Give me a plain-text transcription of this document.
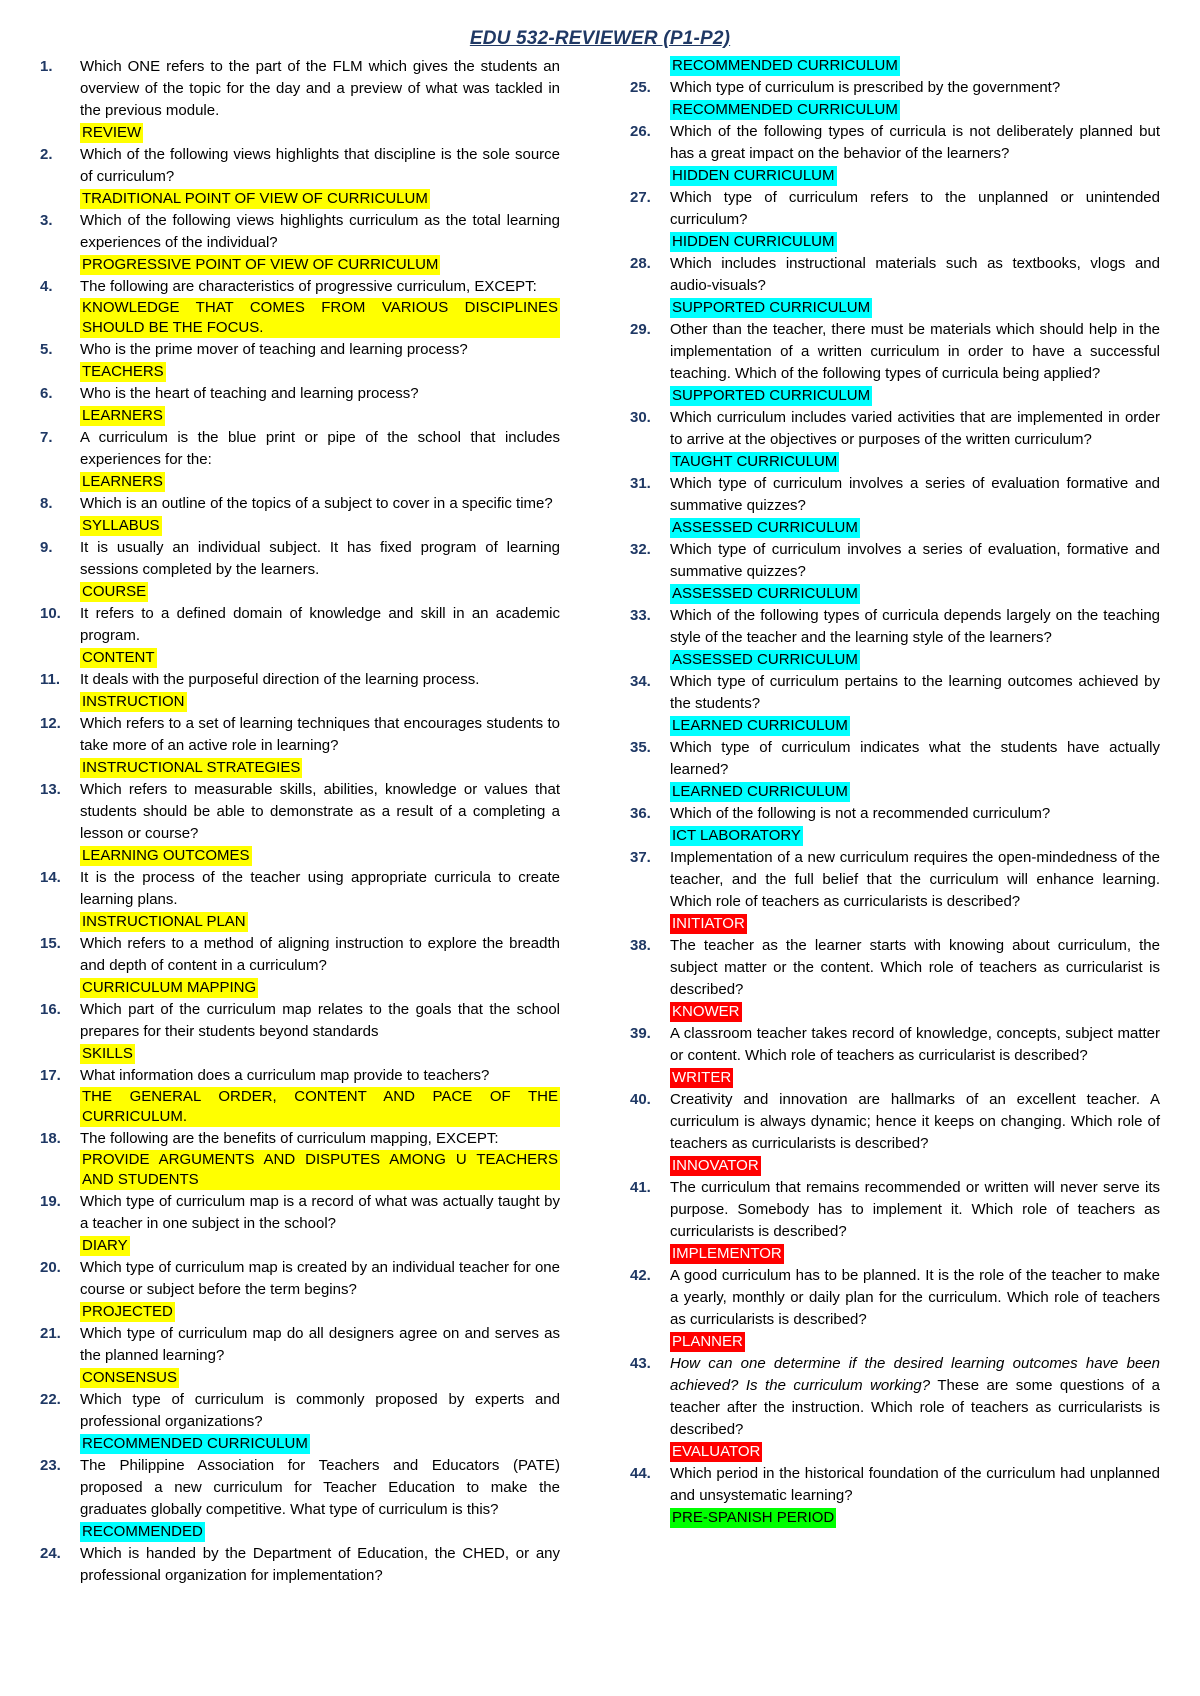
EDU 532-REVIEWER (P1-P2)
1.	Which ONE refers to the part of the FLM which gives the students an overview of the topic for the day and a preview of what was tackled in the previous module.
REVIEW
2.	Which of the following views highlights that discipline is the sole source of curriculum?
TRADITIONAL POINT OF VIEW OF CURRICULUM
3.	Which of the following views highlights curriculum as the total learning experiences of the individual?
PROGRESSIVE POINT OF VIEW OF CURRICULUM
4.	The following are characteristics of progressive curriculum, EXCEPT:
KNOWLEDGE THAT COMES FROM VARIOUS DISCIPLINES SHOULD BE THE FOCUS.
5.	Who is the prime mover of teaching and learning process?
TEACHERS
6.	Who is the heart of teaching and learning process?
LEARNERS
7.	A curriculum is the blue print or pipe of the school that includes experiences for the:
LEARNERS
8.	Which is an outline of the topics of a subject to cover in a specific time?
SYLLABUS
9.	It is usually an individual subject. It has fixed program of learning sessions completed by the learners.
COURSE
10.	It refers to a defined domain of knowledge and skill in an academic program.
CONTENT
11.	It deals with the purposeful direction of the learning process.
INSTRUCTION
12.	Which refers to a set of learning techniques that encourages students to take more of an active role in learning?
INSTRUCTIONAL STRATEGIES
13.	Which refers to measurable skills, abilities, knowledge or values that students should be able to demonstrate as a result of a completing a lesson or course?
LEARNING OUTCOMES
14.	It is the process of the teacher using appropriate curricula to create learning plans.
INSTRUCTIONAL PLAN
15.	Which refers to a method of aligning instruction to explore the breadth and depth of content in a curriculum?
CURRICULUM MAPPING
16.	Which part of the curriculum map relates to the goals that the school prepares for their students beyond standards
SKILLS
17.	What information does a curriculum map provide to teachers?
THE GENERAL ORDER, CONTENT AND PACE OF THE CURRICULUM.
18.	The following are the benefits of curriculum mapping, EXCEPT:
PROVIDE ARGUMENTS AND DISPUTES AMONG U TEACHERS AND STUDENTS
19.	Which type of curriculum map is a record of what was actually taught by a teacher in one subject in the school?
DIARY
20.	Which type of curriculum map is created by an individual teacher for one course or subject before the term begins?
PROJECTED
21.	Which type of curriculum map do all designers agree on and serves as the planned learning?
CONSENSUS
22.	Which type of curriculum is commonly proposed by experts and professional organizations?
RECOMMENDED CURRICULUM
23.	The Philippine Association for Teachers and Educators (PATE) proposed a new curriculum for Teacher Education to make the graduates globally competitive. What type of curriculum is this?
RECOMMENDED
24.	Which is handed by the Department of Education, the CHED, or any professional organization for implementation?
RECOMMENDED CURRICULUM
25.	Which type of curriculum is prescribed by the government?
RECOMMENDED CURRICULUM
26.	Which of the following types of curricula is not deliberately planned but has a great impact on the behavior of the learners?
HIDDEN CURRICULUM
27.	Which type of curriculum refers to the unplanned or unintended curriculum?
HIDDEN CURRICULUM
28.	Which includes instructional materials such as textbooks, vlogs and audio-visuals?
SUPPORTED CURRICULUM
29.	Other than the teacher, there must be materials which should help in the implementation of a written curriculum in order to have a successful teaching. Which of the following types of curricula being applied?
SUPPORTED CURRICULUM
30.	Which curriculum includes varied activities that are implemented in order to arrive at the objectives or purposes of the written curriculum?
TAUGHT CURRICULUM
31.	Which type of curriculum involves a series of evaluation formative and summative quizzes?
ASSESSED CURRICULUM
32.	Which type of curriculum involves a series of evaluation, formative and summative quizzes?
ASSESSED CURRICULUM
33.	Which of the following types of curricula depends largely on the teaching style of the teacher and the learning style of the learners?
ASSESSED CURRICULUM
34.	Which type of curriculum pertains to the learning outcomes achieved by the students?
LEARNED CURRICULUM
35.	Which type of curriculum indicates what the students have actually learned?
LEARNED CURRICULUM
36.	Which of the following is not a recommended curriculum?
ICT LABORATORY
37.	Implementation of a new curriculum requires the open-mindedness of the teacher, and the full belief that the curriculum will enhance learning. Which role of teachers as curricularists is described?
INITIATOR
38.	The teacher as the learner starts with knowing about curriculum, the subject matter or the content. Which role of teachers as curricularist is described?
KNOWER
39.	A classroom teacher takes record of knowledge, concepts, subject matter or content. Which role of teachers as curricularist is described?
WRITER
40.	Creativity and innovation are hallmarks of an excellent teacher. A curriculum is always dynamic; hence it keeps on changing. Which role of teachers as curricularists is described?
INNOVATOR
41.	The curriculum that remains recommended or written will never serve its purpose. Somebody has to implement it. Which role of teachers as curricularists is described?
IMPLEMENTOR
42.	A good curriculum has to be planned. It is the role of the teacher to make a yearly, monthly or daily plan for the curriculum. Which role of teachers as curricularists is described?
PLANNER
43.	How can one determine if the desired learning outcomes have been achieved? Is the curriculum working? These are some questions of a teacher after the instruction. Which role of teachers as curricularists is described?
EVALUATOR
44.	Which period in the historical foundation of the curriculum had unplanned and unsystematic learning?
PRE-SPANISH PERIOD
